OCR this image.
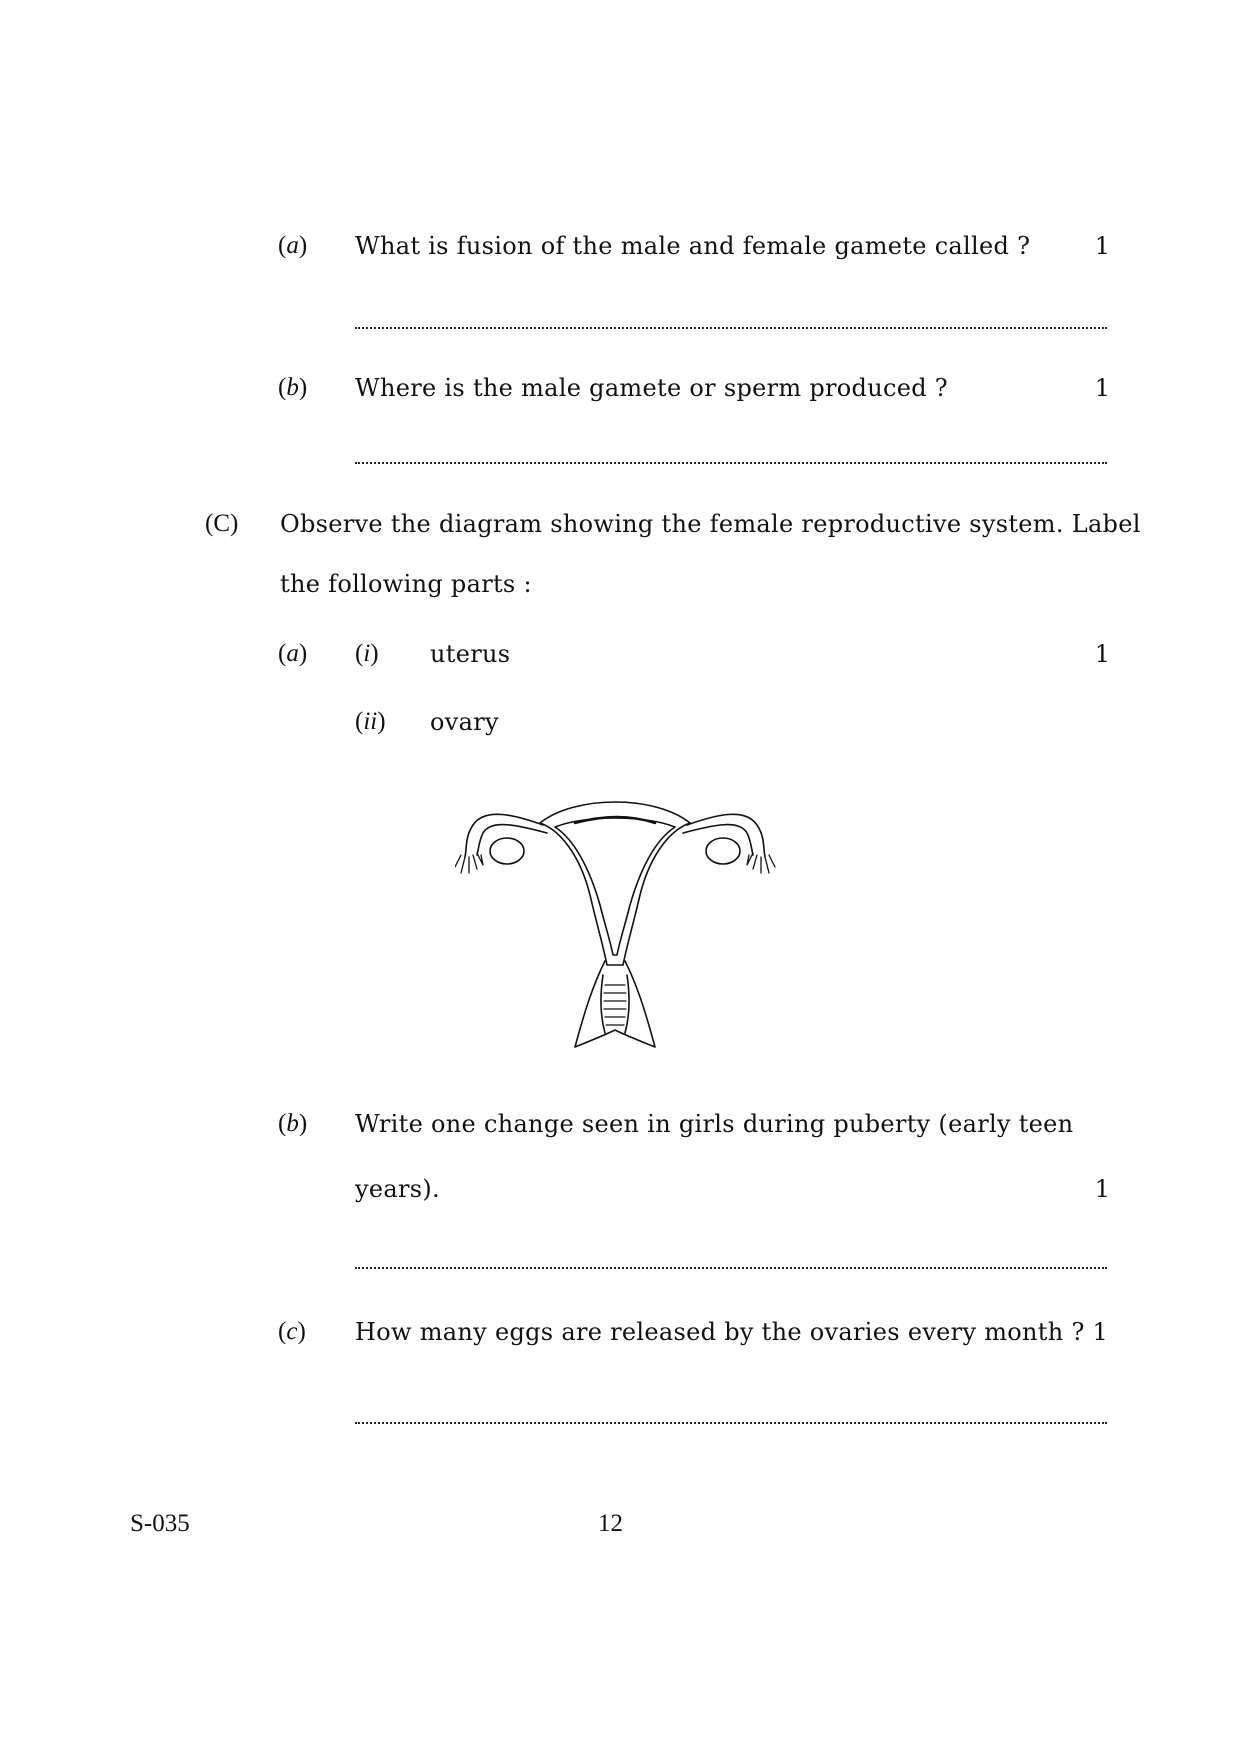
(a) What is fusion of the male and female gamete called ?	1
(b) Where is the male gamete or sperm produced ?	1
(C) Observe the diagram showing the female reproductive system. Label
the following parts :
(a) (i) uterus	1
(ii) ovary
(b) Write one change seen in girls during puberty (early teen
years).	1
(c) How many eggs are released by the ovaries every month ? 1
S-035	12
